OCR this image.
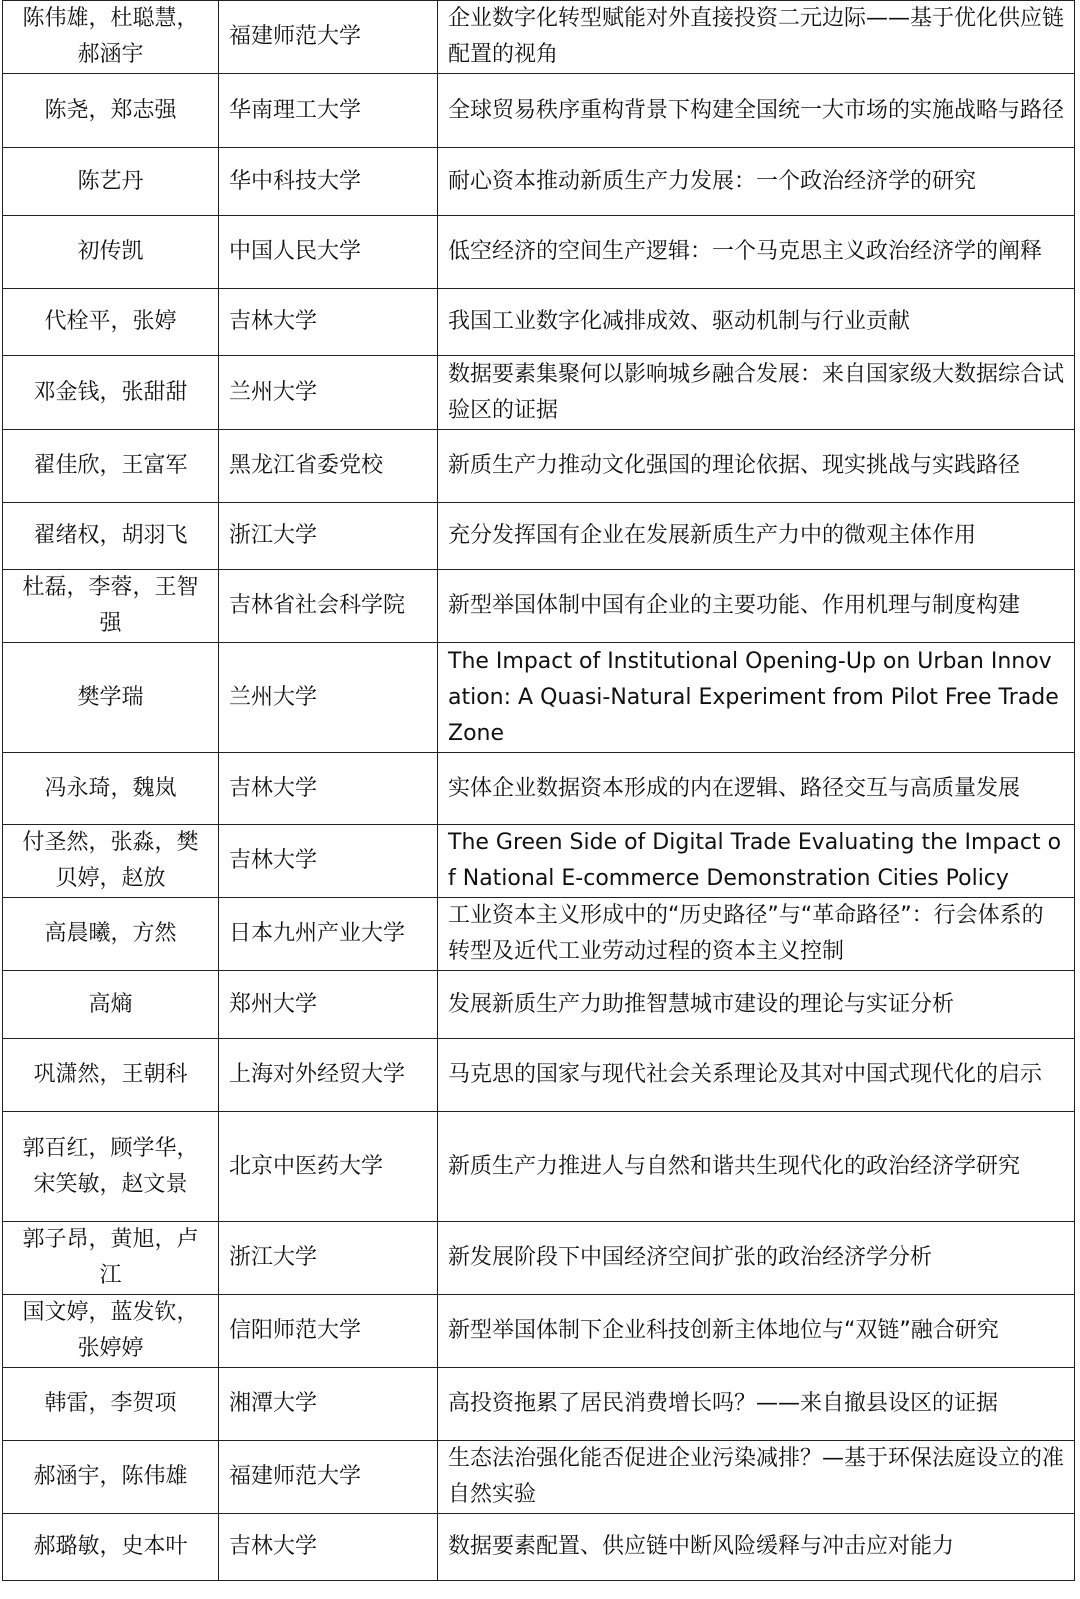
陈伟雄，杜聪慧，郝涵宇	福建师范大学	企业数字化转型赋能对外直接投资二元边际——基于优化供应链配置的视角
陈尧，郑志强	华南理工大学	全球贸易秩序重构背景下构建全国统一大市场的实施战略与路径
陈艺丹	华中科技大学	耐心资本推动新质生产力发展：一个政治经济学的研究
初传凯	中国人民大学	低空经济的空间生产逻辑：一个马克思主义政治经济学的阐释
代栓平，张婷	吉林大学	我国工业数字化减排成效、驱动机制与行业贡献
邓金钱，张甜甜	兰州大学	数据要素集聚何以影响城乡融合发展：来自国家级大数据综合试验区的证据
翟佳欣，王富军	黑龙江省委党校	新质生产力推动文化强国的理论依据、现实挑战与实践路径
翟绪权，胡羽飞	浙江大学	充分发挥国有企业在发展新质生产力中的微观主体作用
杜磊，李蓉，王智强	吉林省社会科学院	新型举国体制中国有企业的主要功能、作用机理与制度构建
樊学瑞	兰州大学	The Impact of Institutional Opening-Up on Urban Innovation: A Quasi-Natural Experiment from Pilot Free Trade Zone
冯永琦，魏岚	吉林大学	实体企业数据资本形成的内在逻辑、路径交互与高质量发展
付圣然，张淼，樊贝婷，赵放	吉林大学	The Green Side of Digital Trade Evaluating the Impact of National E-commerce Demonstration Cities Policy
高晨曦，方然	日本九州产业大学	工业资本主义形成中的“历史路径”与“革命路径”：行会体系的转型及近代工业劳动过程的资本主义控制
高熵	郑州大学	发展新质生产力助推智慧城市建设的理论与实证分析
巩潇然，王朝科	上海对外经贸大学	马克思的国家与现代社会关系理论及其对中国式现代化的启示
郭百红，顾学华，宋笑敏，赵文景	北京中医药大学	新质生产力推进人与自然和谐共生现代化的政治经济学研究
郭子昂，黄旭，卢江	浙江大学	新发展阶段下中国经济空间扩张的政治经济学分析
国文婷，蓝发钦，张婷婷	信阳师范大学	新型举国体制下企业科技创新主体地位与“双链”融合研究
韩雷，李贺项	湘潭大学	高投资拖累了居民消费增长吗？——来自撤县设区的证据
郝涵宇，陈伟雄	福建师范大学	生态法治强化能否促进企业污染减排？—基于环保法庭设立的准自然实验
郝璐敏，史本叶	吉林大学	数据要素配置、供应链中断风险缓释与冲击应对能力
